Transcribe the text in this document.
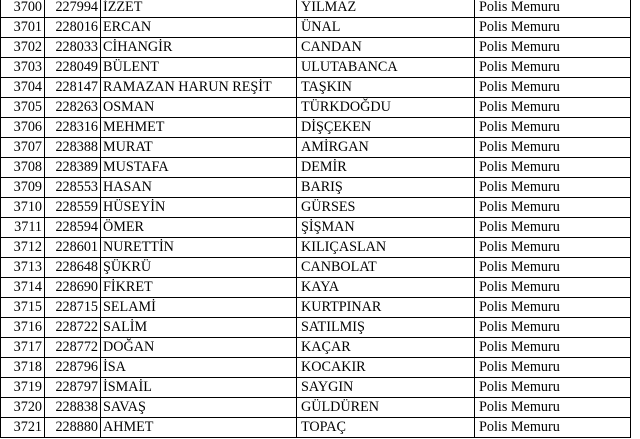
3700	227994	İZZET	YILMAZ	Polis Memuru
3701	228016	ERCAN	ÜNAL	Polis Memuru
3702	228033	CİHANGİR	CANDAN	Polis Memuru
3703	228049	BÜLENT	ULUTABANCA	Polis Memuru
3704	228147	RAMAZAN HARUN REŞİT	TAŞKIN	Polis Memuru
3705	228263	OSMAN	TÜRKDOĞDU	Polis Memuru
3706	228316	MEHMET	DİŞÇEKEN	Polis Memuru
3707	228388	MURAT	AMİRGAN	Polis Memuru
3708	228389	MUSTAFA	DEMİR	Polis Memuru
3709	228553	HASAN	BARIŞ	Polis Memuru
3710	228559	HÜSEYİN	GÜRSES	Polis Memuru
3711	228594	ÖMER	ŞİŞMAN	Polis Memuru
3712	228601	NURETTİN	KILIÇASLAN	Polis Memuru
3713	228648	ŞÜKRÜ	CANBOLAT	Polis Memuru
3714	228690	FİKRET	KAYA	Polis Memuru
3715	228715	SELAMİ	KURTPINAR	Polis Memuru
3716	228722	SALİM	SATILMIŞ	Polis Memuru
3717	228772	DOĞAN	KAÇAR	Polis Memuru
3718	228796	İSA	KOCAKIR	Polis Memuru
3719	228797	İSMAİL	SAYGIN	Polis Memuru
3720	228838	SAVAŞ	GÜLDÜREN	Polis Memuru
3721	228880	AHMET	TOPAÇ	Polis Memuru
